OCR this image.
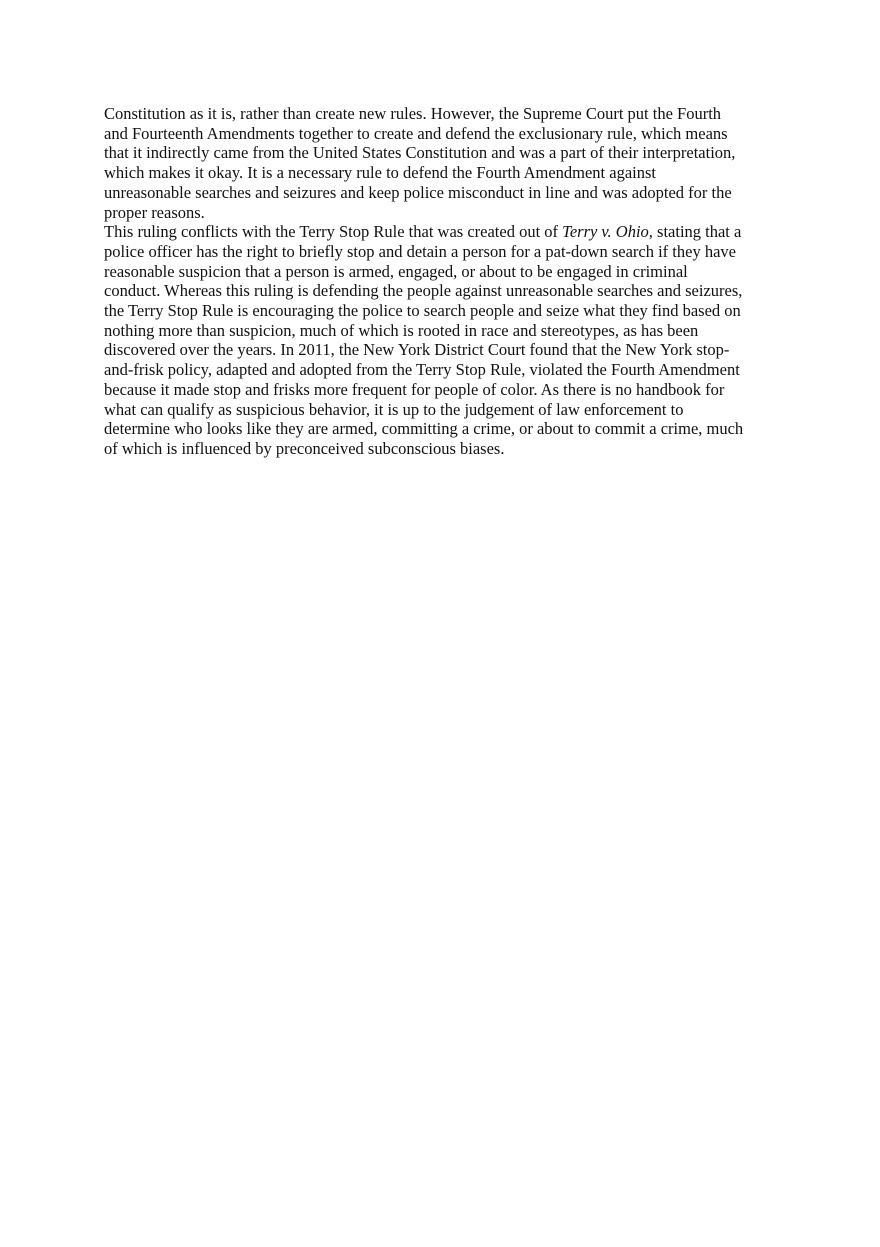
Constitution as it is, rather than create new rules. However, the Supreme Court put the Fourth
and Fourteenth Amendments together to create and defend the exclusionary rule, which means
that it indirectly came from the United States Constitution and was a part of their interpretation,
which makes it okay. It is a necessary rule to defend the Fourth Amendment against
unreasonable searches and seizures and keep police misconduct in line and was adopted for the
proper reasons.
This ruling conflicts with the Terry Stop Rule that was created out of Terry v. Ohio, stating that a
police officer has the right to briefly stop and detain a person for a pat-down search if they have
reasonable suspicion that a person is armed, engaged, or about to be engaged in criminal
conduct. Whereas this ruling is defending the people against unreasonable searches and seizures,
the Terry Stop Rule is encouraging the police to search people and seize what they find based on
nothing more than suspicion, much of which is rooted in race and stereotypes, as has been
discovered over the years. In 2011, the New York District Court found that the New York stop-
and-frisk policy, adapted and adopted from the Terry Stop Rule, violated the Fourth Amendment
because it made stop and frisks more frequent for people of color. As there is no handbook for
what can qualify as suspicious behavior, it is up to the judgement of law enforcement to
determine who looks like they are armed, committing a crime, or about to commit a crime, much
of which is influenced by preconceived subconscious biases.
